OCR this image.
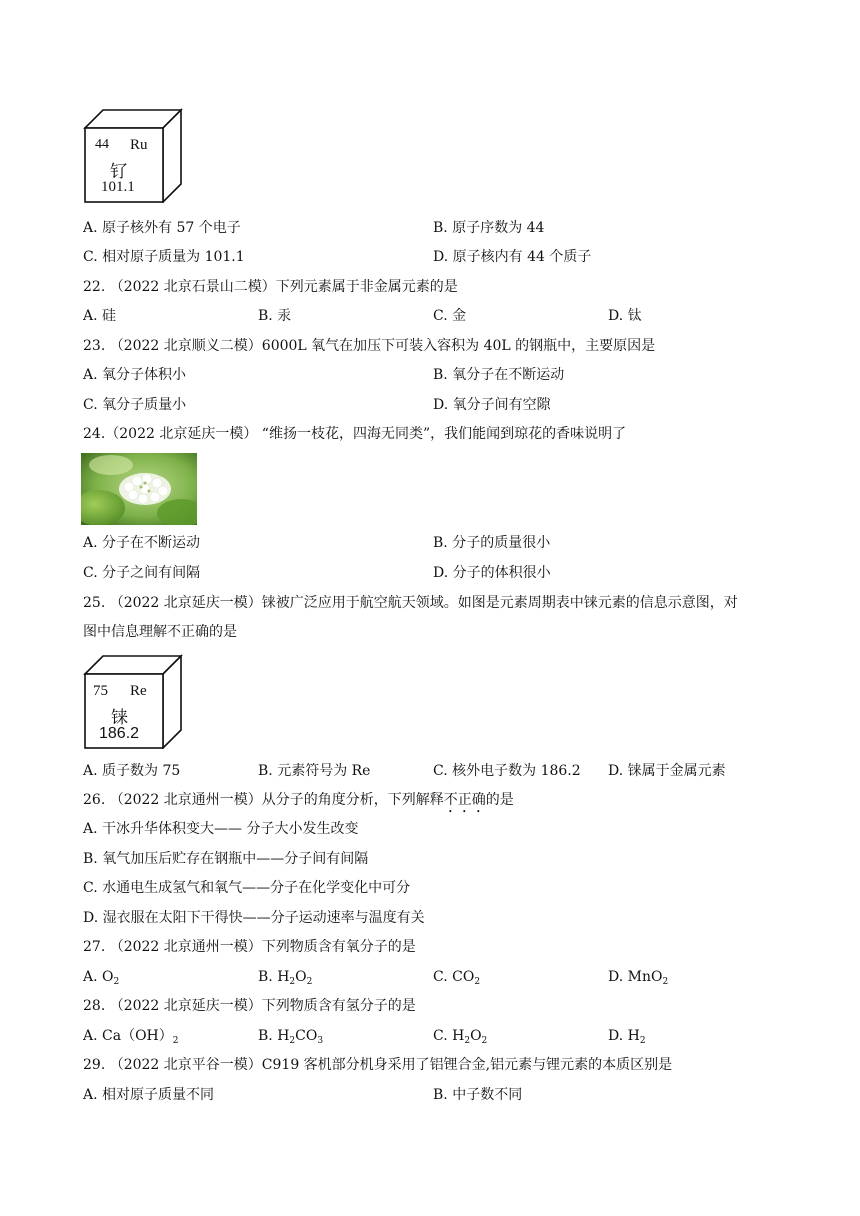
44 Ru
钌
101.1
A. 原子核外有 57 个电子	B. 原子序数为 44
C. 相对原子质量为 101.1	D. 原子核内有 44 个质子
22. （2022 北京石景山二模）下列元素属于非金属元素的是
A. 硅	B. 汞	C. 金	D. 钛
23. （2022 北京顺义二模）6000L 氧气在加压下可装入容积为 40L 的钢瓶中，主要原因是
A. 氧分子体积小	B. 氧分子在不断运动
C. 氧分子质量小	D. 氧分子间有空隙
24.（2022 北京延庆一模） “维扬一枝花，四海无同类”，我们能闻到琼花的香味说明了
A. 分子在不断运动	B. 分子的质量很小
C. 分子之间有间隔	D. 分子的体积很小
25. （2022 北京延庆一模）铼被广泛应用于航空航天领域。如图是元素周期表中铼元素的信息示意图，对
图中信息理解不正确的是
75 Re
铼
186.2
A. 质子数为 75	B. 元素符号为 Re	C. 核外电子数为 186.2 D. 铼属于金属元素
26. （2022 北京通州一模）从分子的角度分析，下列解释不正确的是
A. 干冰升华体积变大—— 分子大小发生改变
B. 氧气加压后贮存在钢瓶中——分子间有间隔
C. 水通电生成氢气和氧气——分子在化学变化中可分
D. 湿衣服在太阳下干得快——分子运动速率与温度有关
27. （2022 北京通州一模）下列物质含有氧分子的是
A. $O_2$	B. $H_2O_2$	C. $CO_2$	D. MnO$_2$
28. （2022 北京延庆一模）下列物质含有氢分子的是
A. $Ca(OH)_2$	B. $H_2CO_3$	C. $H_2O_2$	D. $H_2$
29. （2022 北京平谷一模）C919 客机部分机身采用了铝锂合金,铝元素与锂元素的本质区别是
A. 相对原子质量不同	B. 中子数不同
